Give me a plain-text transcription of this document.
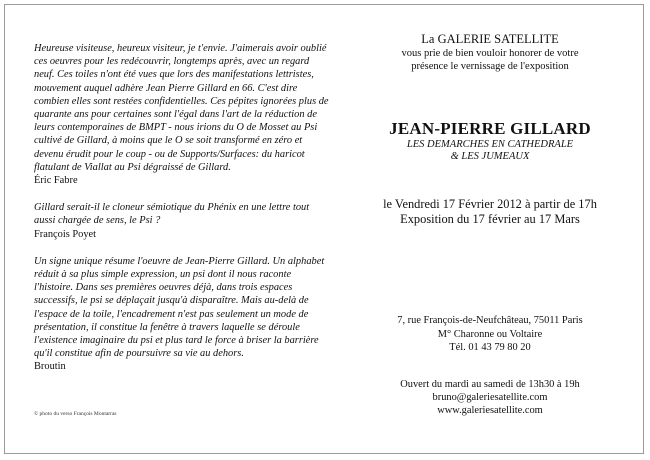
Heureuse visiteuse, heureux visiteur, je t'envie. J'aimerais avoir oublié ces oeuvres pour les redécouvrir, longtemps après, avec un regard neuf. Ces toiles n'ont été vues que lors des manifestations lettristes, mouvement auquel adhère Jean Pierre Gillard en 66. C'est dire combien elles sont restées confidentielles. Ces pépites ignorées plus de quarante ans pour certaines sont l'égal dans l'art de la réduction de leurs contemporaines de BMPT - nous irions du O de Mosset au Psi cultivé de Gillard, à moins que le O se soit transformé en zéro et devenu érudit pour le coup - ou de Supports/Surfaces: du haricot flatulant de Viallat au Psi dégraissé de Gillard.
Éric Fabre

Gillard serait-il le cloneur sémiotique du Phénix en une lettre tout aussi chargée de sens, le Psi ?
François Poyet

Un signe unique résume l'oeuvre de Jean-Pierre Gillard. Un alphabet réduit à sa plus simple expression, un psi dont il nous raconte l'histoire. Dans ses premières oeuvres déjà, dans trois espaces successifs, le psi se déplaçait jusqu'à disparaître. Mais au-delà de l'espace de la toile, l'encadrement n'est pas seulement un mode de présentation, il constitue la fenêtre à travers laquelle se déroule l'existence imaginaire du psi et plus tard le force à briser la barrière qu'il constitue afin de poursuivre sa vie au dehors.
Broutin

© photo du verso François Montarras
La GALERIE SATELLITE
vous prie de bien vouloir honorer de votre
présence le vernissage de l'exposition
JEAN-PIERRE GILLARD
LES DEMARCHES EN CATHEDRALE
& LES JUMEAUX
le Vendredi 17 Février 2012 à partir de 17h
Exposition du 17 février au 17 Mars
7, rue François-de-Neufchâteau, 75011 Paris
M° Charonne ou Voltaire
Tél. 01 43 79 80 20
Ouvert du mardi au samedi de 13h30 à 19h
bruno@galeriesatellite.com
www.galeriesatellite.com
